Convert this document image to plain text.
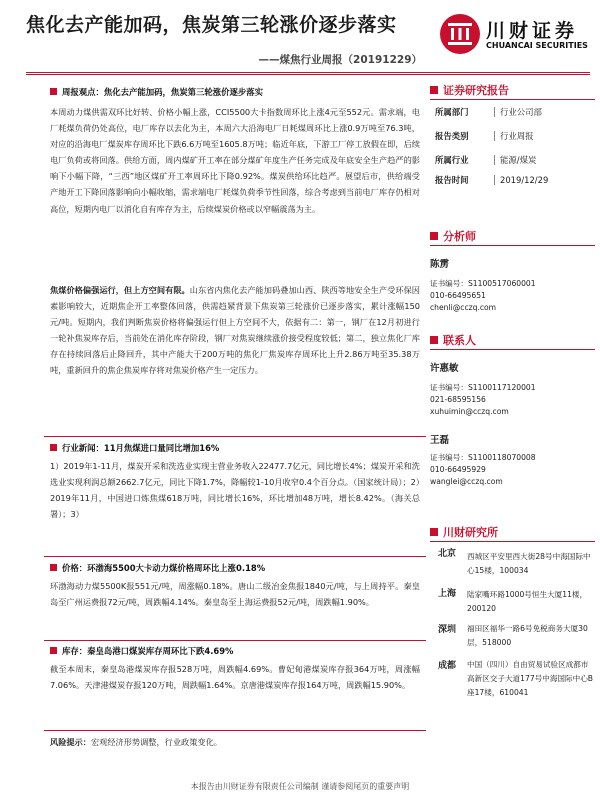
焦化去产能加码，焦炭第三轮涨价逐步落实
——煤焦行业周报（20191229）
川财证券
CHUANCAI SECURITIES
周报观点：焦化去产能加码，焦炭第三轮涨价逐步落实
本周动力煤供需双环比好转、价格小幅上涨，CCI5500大卡指数周环比上涨4元至552元。需求端，电厂耗煤负荷仍处高位，电厂库存以去化为主，本周六大沿海电厂日耗煤周环比上涨0.9万吨至76.3吨，对应的沿海电厂煤炭库存周环比下跌6.6万吨至1605.8万吨；临近年底，下游工厂停工放假在即，后续电厂负荷或将回落。供给方面，周内煤矿开工率在部分煤矿年度生产任务完成及年底安全生产趋严的影响下小幅下降，“三西”地区煤矿开工率周环比下降0.92%。煤炭供给环比趋严。展望后市，供给端受产地开工下降回落影响向小幅收缩，需求端电厂耗煤负荷季节性回落，综合考虑到当前电厂库存仍相对高位，短期内电厂以消化自有库存为主，后续煤炭价格或以窄幅震荡为主。
焦煤价格偏强运行，但上方空间有限。山东省内焦化去产能加码叠加山西、陕西等地安全生产受环保因素影响较大，近期焦企开工率整体回落，供需趋紧背景下焦炭第三轮涨价已逐步落实，累计涨幅150元/吨。短期内，我们判断焦炭价格将偏强运行但上方空间不大，依据有二：第一，钢厂在12月初进行一轮补焦炭库存后，当前处在消化库存阶段，钢厂对焦炭继续涨价接受程度较低；第二，独立焦化厂库存在持续回落后止降回升，其中产能大于200万吨的焦化厂焦炭库存周环比上升2.86万吨至35.38万吨，重新回升的焦企焦炭库存将对焦炭价格产生一定压力。
行业新闻：11月焦煤进口量同比增加16%
1）2019年1-11月，煤炭开采和洗选业实现主营业务收入22477.7亿元，同比增长4%；煤炭开采和洗选业实现利润总额2662.7亿元，同比下降1.7%，降幅较1-10月收窄0.4个百分点。（国家统计局）；2）2019年11月，中国进口炼焦煤618万吨，同比增长16%，环比增加48万吨，增长8.42%。（海关总署）；3）
价格：环渤海5500大卡动力煤价格周环比上涨0.18%
环渤海动力煤5500K报551元/吨，周涨幅0.18%。唐山二级冶金焦报1840元/吨，与上周持平。秦皇岛至广州运费报72元/吨，周跌幅4.14%。秦皇岛至上海运费报52元/吨，周跌幅1.90%。
库存：秦皇岛港口煤炭库存周环比下跌4.69%
截至本周末，秦皇岛港煤炭库存报528万吨，周跌幅4.69%。曹妃甸港煤炭库存报364万吨，周涨幅7.06%。天津港煤炭存报120万吨，周跌幅1.64%。京唐港煤炭库存报164万吨，周跌幅15.90%。
风险提示：宏观经济形势调整，行业政策变化。
证券研究报告
所属部门	行业公司部
报告类别	行业周报
所属行业	能源/煤炭
报告时间	2019/12/29
分析师
陈雳
证书编号：S1100517060001
010-66495651
chenli@cczq.com
联系人
许惠敏
证书编号：S1100117120001
021-68595156
xuhuimin@cczq.com
王磊
证书编号：S1100118070008
010-66495929
wanglei@cczq.com
川财研究所
北京 西城区平安里西大街28号中海国际中心15楼，100034
上海 陆家嘴环路1000号恒生大厦11楼，200120
深圳 福田区福华一路6号免税商务大厦30层，518000
成都 中国（四川）自由贸易试验区成都市高新区交子大道177号中海国际中心B座17楼，610041
本报告由川财证券有限责任公司编制 谨请参阅尾页的重要声明
